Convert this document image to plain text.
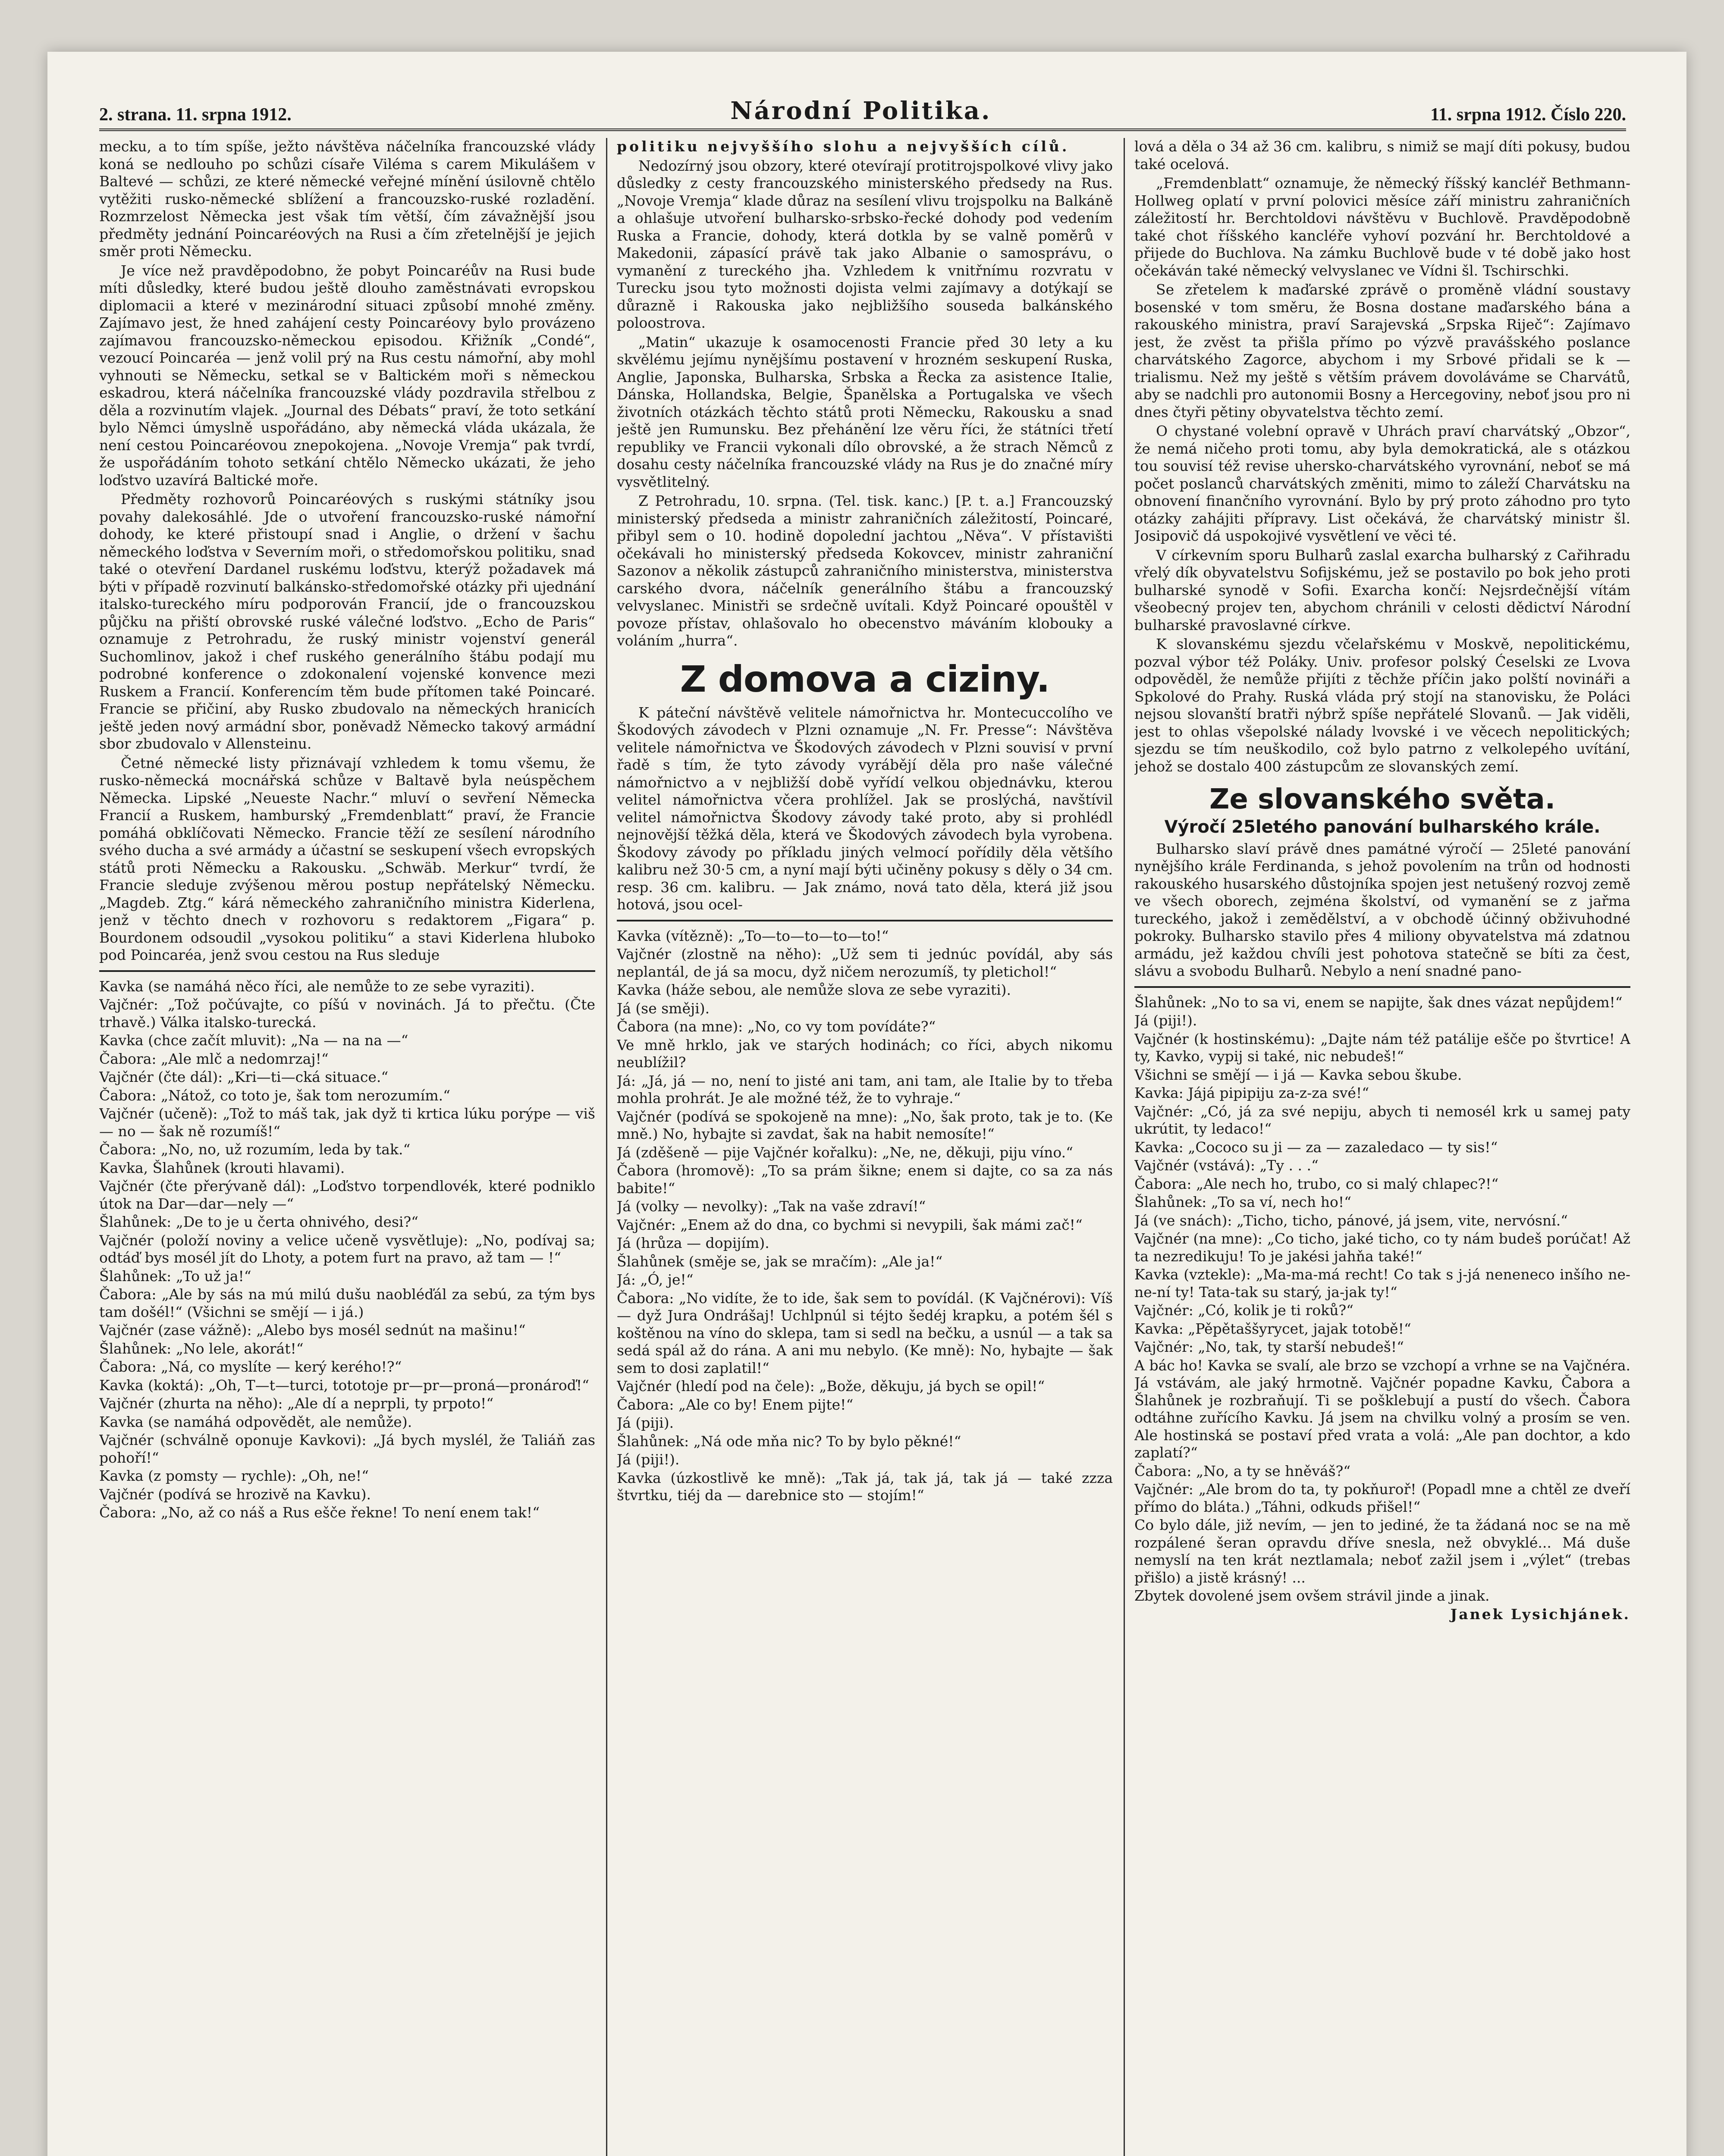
2. strana. 11. srpna 1912.	Národní Politika.	11. srpna 1912. Číslo 220.

mecku, a to tím spíše, ježto návštěva náčelníka francouzské vlády koná se nedlouho po schůzi císaře Viléma s carem Mikulášem v Baltevé — schůzi, ze které německé veřejné mínění úsilovně chtělo vytěžiti rusko-německé sblížení a francouzsko-ruské rozladění. Rozmrzelost Německa jest však tím větší, čím závažnější jsou předměty jednání Poincaréových na Rusi a čím zřetelnější je jejich směr proti Německu.

Je více než pravděpodobno, že pobyt Poincaréův na Rusi bude míti důsledky, které budou ještě dlouho zaměstnávati evropskou diplomacii a které v mezinárodní situaci způsobí mnohé změny. Zajímavo jest, že hned zahájení cesty Poincaréovy bylo provázeno zajímavou francouzsko-německou episodou. Křižník „Condé“, vezoucí Poincaréa — jenž volil prý na Rus cestu námořní, aby mohl vyhnouti se Německu, setkal se v Baltickém moři s německou eskadrou, která náčelníka francouzské vlády pozdravila střelbou z děla a rozvinutím vlajek. „Journal des Débats“ praví, že toto setkání bylo Němci úmyslně uspořádáno, aby německá vláda ukázala, že není cestou Poincaréovou znepokojena. „Novoje Vremja“ pak tvrdí, že uspořádáním tohoto setkání chtělo Německo ukázati, že jeho loďstvo uzavírá Baltické moře.

Předměty rozhovorů Poincaréových s ruskými státníky jsou povahy dalekosáhlé. Jde o utvoření francouzsko-ruské námořní dohody, ke které přistoupí snad i Anglie, o držení v šachu německého loďstva v Severním moři, o středomořskou politiku, snad také o otevření Dardanel ruskému loďstvu, kterýž požadavek má býti v případě rozvinutí balkánsko-středomořské otázky při ujednání italsko-tureckého míru podporován Francií, jde o francouzskou půjčku na přiští obrovské ruské válečné loďstvo. „Echo de Paris“ oznamuje z Petrohradu, že ruský ministr vojenství generál Suchomlinov, jakož i chef ruského generálního štábu podají mu podrobné konference o zdokonalení vojenské konvence mezi Ruskem a Francií. Konferencím těm bude přítomen také Poincaré. Francie se přičiní, aby Rusko zbudovalo na německých hranicích ještě jeden nový armádní sbor, poněvadž Německo takový armádní sbor zbudovalo v Allensteinu.

Četné německé listy přiznávají vzhledem k tomu všemu, že rusko-německá mocnářská schůze v Baltavě byla neúspěchem Německa. Lipské „Neueste Nachr.“ mluví o sevření Německa Francií a Ruskem, hamburský „Fremdenblatt“ praví, že Francie pomáhá obklíčovati Německo. Francie těží ze sesílení národního svého ducha a své armády a účastní se seskupení všech evropských států proti Německu a Rakousku. „Schwäb. Merkur“ tvrdí, že Francie sleduje zvýšenou měrou postup nepřátelský Německu. „Magdeb. Ztg.“ kárá německého zahraničního ministra Kiderlena, jenž v těchto dnech v rozhovoru s redaktorem „Figara“ p. Bourdonem odsoudil „vysokou politiku“ a stavi Kiderlena hluboko pod Poincaréa, jenž svou cestou na Rus sleduje

Kavka (se namáhá něco říci, ale nemůže to ze sebe vyraziti).

Vajčnér: „Tož počúvajte, co píšú v novinách. Já to přečtu. (Čte trhavě.) Válka italsko-turecká.

Kavka (chce začít mluvit): „Na — na na —“

Čabora: „Ale mlč a nedomrzaj!“

Vajčnér (čte dál): „Kri—ti—cká situace.“

Čabora: „Nátož, co toto je, šak tom nerozumím.“

Vajčnér (učeně): „Tož to máš tak, jak dyž ti krtica lúku porýpe — viš — no — šak ně rozumíš!“

Čabora: „No, no, už rozumím, leda by tak.“

Kavka, Šlahůnek (krouti hlavami).

Vajčnér (čte přerývaně dál): „Loďstvo torpendlovék, které podniklo útok na Dar—dar—nely —“

Šlahůnek: „De to je u čerta ohnivého, desi?“

Vajčnér (položí noviny a velice učeně vysvětluje): „No, podívaj sa; odtáď bys mosél jít do Lhoty, a potem furt na pravo, až tam — !“

Šlahůnek: „To už ja!“

Čabora: „Ale by sás na mú milú dušu naobléďál za sebú, za tým bys tam došél!“ (Všichni se smějí — i já.)

Vajčnér (zase vážně): „Alebo bys mosél sednút na mašinu!“

Šlahůnek: „No lele, akorát!“

Čabora: „Ná, co myslíte — kerý kerého!?“

Kavka (koktá): „Oh, T—t—turci, tototoje pr—pr—proná—pronároď!“

Vajčnér (zhurta na něho): „Ale dí a neprpli, ty prpoto!“

Kavka (se namáhá odpovědět, ale nemůže).

Vajčnér (schválně oponuje Kavkovi): „Já bych myslél, že Taliáň zas pohoří!“

Kavka (z pomsty — rychle): „Oh, ne!“

Vajčnér (podívá se hrozivě na Kavku).

Čabora: „No, až co náš a Rus ešče řekne! To není enem tak!“

politiku nejvyššího slohu a nejvyšších cílů.

Nedozírný jsou obzory, které otevírají protitrojspolkové vlivy jako důsledky z cesty francouzského ministerského předsedy na Rus. „Novoje Vremja“ klade důraz na sesílení vlivu trojspolku na Balkáně a ohlašuje utvoření bulharsko-srbsko-řecké dohody pod vedením Ruska a Francie, dohody, která dotkla by se valně poměrů v Makedonii, zápasící právě tak jako Albanie o samosprávu, o vymanění z tureckého jha. Vzhledem k vnitřnímu rozvratu v Turecku jsou tyto možnosti dojista velmi zajímavy a dotýkají se důrazně i Rakouska jako nejbližšího souseda balkánského poloostrova.

„Matin“ ukazuje k osamocenosti Francie před 30 lety a ku skvělému jejímu nynějšímu postavení v hrozném seskupení Ruska, Anglie, Japonska, Bulharska, Srbska a Řecka za asistence Italie, Dánska, Hollandska, Belgie, Španělska a Portugalska ve všech životních otázkách těchto států proti Německu, Rakousku a snad ještě jen Rumunsku. Bez přehánění lze věru říci, že státníci třetí republiky ve Francii vykonali dílo obrovské, a že strach Němců z dosahu cesty náčelníka francouzské vlády na Rus je do značné míry vysvětlitelný.

Z Petrohradu, 10. srpna. (Tel. tisk. kanc.) [P. t. a.] Francouzský ministerský předseda a ministr zahraničních záležitostí, Poincaré, přibyl sem o 10. hodině dopolední jachtou „Něva“. V přístavišti očekávali ho ministerský předseda Kokovcev, ministr zahraniční Sazonov a několik zástupců zahraničního ministerstva, ministerstva carského dvora, náčelník generálního štábu a francouzský velvyslanec. Ministři se srdečně uvítali. Když Poincaré opouštěl v povoze přístav, ohlašovalo ho obecenstvo máváním klobouky a voláním „hurra“.

Z domova a ciziny.

K páteční návštěvě velitele námořnictva hr. Montecuccolího ve Škodových závodech v Plzni oznamuje „N. Fr. Presse“: Návštěva velitele námořnictva ve Škodových závodech v Plzni souvisí v první řadě s tím, že tyto závody vyrábějí děla pro naše válečné námořnictvo a v nejbližší době vyřídí velkou objednávku, kterou velitel námořnictva včera prohlížel. Jak se proslýchá, navštívil velitel námořnictva Škodovy závody také proto, aby si prohlédl nejnovější těžká děla, která ve Škodových závodech byla vyrobena. Škodovy závody po příkladu jiných velmocí pořídily děla většího kalibru než 30·5 cm, a nyní mají býti učiněny pokusy s děly o 34 cm. resp. 36 cm. kalibru. — Jak známo, nová tato děla, která již jsou hotová, jsou ocel-

Kavka (vítězně): „To—to—to—to—to!“

Vajčnér (zlostně na něho): „Už sem ti jednúc povídál, aby sás neplantál, de já sa mocu, dyž ničem nerozumíš, ty pletichol!“

Kavka (háže sebou, ale nemůže slova ze sebe vyraziti).

Já (se směji).

Čabora (na mne): „No, co vy tom povídáte?“

Ve mně hrklo, jak ve starých hodinách; co říci, abych nikomu neublížil?

Já: „Já, já — no, není to jisté ani tam, ani tam, ale Italie by to třeba mohla prohrát. Je ale možné též, že to vyhraje.“

Vajčnér (podívá se spokojeně na mne): „No, šak proto, tak je to. (Ke mně.) No, hybajte si zavdat, šak na habit nemosíte!“

Já (zděšeně — pije Vajčnér kořalku): „Ne, ne, děkuji, piju víno.“

Čabora (hromově): „To sa prám šikne; enem si dajte, co sa za nás babite!“

Já (volky — nevolky): „Tak na vaše zdraví!“

Vajčnér: „Enem až do dna, co bychmi si nevypili, šak mámi zač!“

Já (hrůza — dopijím).

Šlahůnek (směje se, jak se mračím): „Ale ja!“

Já: „Ó, je!“

Čabora: „No vidíte, že to ide, šak sem to povídál. (K Vajčnérovi): Víš — dyž Jura Ondrášaj! Uchlpnúl si téjto šedéj krapku, a potém šél s koštěnou na víno do sklepa, tam si sedl na bečku, a usnúl — a tak sa sedá spál až do rána. A ani mu nebylo. (Ke mně): No, hybajte — šak sem to dosi zaplatil!“

Vajčnér (hledí pod na čele): „Bože, děkuju, já bych se opil!“

Čabora: „Ale co by! Enem pijte!“

Já (piji).

Šlahůnek: „Ná ode mňa nic? To by bylo pěkné!“

Já (piji!).

Kavka (úzkostlivě ke mně): „Tak já, tak já, tak já — také zzza štvrtku, tiéj da — darebnice sto — stojím!“

lová a děla o 34 až 36 cm. kalibru, s nimiž se mají díti pokusy, budou také ocelová.

„Fremdenblatt“ oznamuje, že německý říšský kancléř Bethmann-Hollweg oplatí v první polovici měsíce září ministru zahraničních záležitostí hr. Berchtoldovi návštěvu v Buchlově. Pravděpodobně také chot říšského kancléře vyhoví pozvání hr. Berchtoldové a přijede do Buchlova. Na zámku Buchlově bude v té době jako host očekáván také německý velvyslanec ve Vídni šl. Tschirschki.

Se zřetelem k maďarské zprávě o proměně vládní soustavy bosenské v tom směru, že Bosna dostane maďarského bána a rakouského ministra, praví Sarajevská „Srpska Riječ“: Zajímavo jest, že zvěst ta přišla přímo po výzvě pravášského poslance charvátského Zagorce, abychom i my Srbové přidali se k — trialismu. Než my ještě s větším právem dovoláváme se Charvátů, aby se nadchli pro autonomii Bosny a Hercegoviny, neboť jsou pro ni dnes čtyři pětiny obyvatelstva těchto zemí.

O chystané volební opravě v Uhrách praví charvátský „Obzor“, že nemá ničeho proti tomu, aby byla demokratická, ale s otázkou tou souvisí též revise uhersko-charvátského vyrovnání, neboť se má počet poslanců charvátských změniti, mimo to záleží Charvátsku na obnovení finančního vyrovnání. Bylo by prý proto záhodno pro tyto otázky zahájiti přípravy. List očekává, že charvátský ministr šl. Josipovič dá uspokojivé vysvětlení ve věci té.

V církevním sporu Bulharů zaslal exarcha bulharský z Cařihradu vřelý dík obyvatelstvu Sofijskému, jež se postavilo po bok jeho proti bulharské synodě v Sofii. Exarcha končí: Nejsrdečnější vítám všeobecný projev ten, abychom chránili v celosti dědictví Národní bulharské pravoslavné církve.

K slovanskému sjezdu včelařskému v Moskvě, nepolitickému, pozval výbor též Poláky. Univ. profesor polský Ćeselski ze Lvova odpověděl, že nemůže přijíti z těchže příčin jako polští novináři a Spkolové do Prahy. Ruská vláda prý stojí na stanovisku, že Poláci nejsou slovanští bratři nýbrž spíše nepřátelé Slovanů. — Jak viděli, jest to ohlas všepolské nálady lvovské i ve věcech nepolitických; sjezdu se tím neuškodilo, což bylo patrno z velkolepého uvítání, jehož se dostalo 400 zástupcům ze slovanských zemí.

Ze slovanského světa.
Výročí 25letého panování bulharského krále.

Bulharsko slaví právě dnes památné výročí — 25leté panování nynějšího krále Ferdinanda, s jehož povolením na trůn od hodnosti rakouského husarského důstojníka spojen jest netušený rozvoj země ve všech oborech, zejména školství, od vymanění se z jařma tureckého, jakož i zemědělství, a v obchodě účinný obživuhodné pokroky. Bulharsko stavilo přes 4 miliony obyvatelstva má zdatnou armádu, jež každou chvíli jest pohotova statečně se bíti za čest, slávu a svobodu Bulharů. Nebylo a není snadné pano-

Šlahůnek: „No to sa vi, enem se napijte, šak dnes vázat nepůjdem!“

Já (piji!).

Vajčnér (k hostinskému): „Dajte nám též patálije ešče po štvrtice! A ty, Kavko, vypij si také, nic nebudeš!“

Všichni se smějí — i já — Kavka sebou škube.

Kavka: Jájá pipipiju za-z-za své!“

Vajčnér: „Có, já za své nepiju, abych ti nemosél krk u samej paty ukrútit, ty ledaco!“

Kavka: „Cococo su ji — za — zazaledaco — ty sis!“

Vajčnér (vstává): „Ty . . .“

Čabora: „Ale nech ho, trubo, co si malý chlapec?!“

Šlahůnek: „To sa ví, nech ho!“

Já (ve snách): „Ticho, ticho, pánové, já jsem, vite, nervósní.“

Vajčnér (na mne): „Co ticho, jaké ticho, co ty nám budeš porúčat! Až ta nezredikuju! To je jakési jahňa také!“

Kavka (vztekle): „Ma-ma-má recht! Co tak s j-já neneneco inšího ne-ne-ní ty! Tata-tak su starý, ja-jak ty!“

Vajčnér: „Có, kolik je ti roků?“

Kavka: „Pěpětaššyrycet, jajak totobě!“

Vajčnér: „No, tak, ty starší nebudeš!“

A bác ho! Kavka se svalí, ale brzo se vzchopí a vrhne se na Vajčnéra. Já vstávám, ale jaký hrmotně. Vajčnér popadne Kavku, Čabora a Šlahůnek je rozbraňují. Ti se pošklebují a pustí do všech. Čabora odtáhne zuřícího Kavku. Já jsem na chvilku volný a prosím se ven. Ale hostinská se postaví před vrata a volá: „Ale pan dochtor, a kdo zaplatí?“

Čabora: „No, a ty se hněváš?“

Vajčnér: „Ale brom do ta, ty pokňuroř! (Popadl mne a chtěl ze dveří přímo do bláta.) „Táhni, odkuds přišel!“

Co bylo dále, již nevím, — jen to jediné, že ta žádaná noc se na mě rozpálené šeran opravdu dříve snesla, než obvyklé... Má duše nemyslí na ten krát neztlamala; neboť zažil jsem i „výlet“ (trebas přišlo) a jistě krásný! ...

Zbytek dovolené jsem ovšem strávil jinde a jinak.

Janek Lysichjánek.
